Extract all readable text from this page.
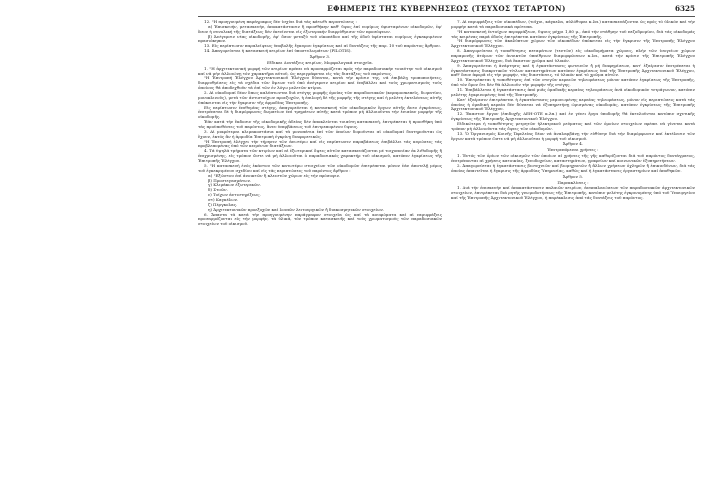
ΕΦΗΜΕΡΙΣ ΤΗΣ ΚΥΒΕΡΝΗΣΕΩΣ (ΤΕΥΧΟΣ ΤΕΤΑΡΤΟΝ)	6325

12. "Η προηγουμένη παράγραφος δέν ἰσχύει διά τάς κάτωθι περιπτώσεις :

α) Ἐπισκευήν, μετασκευήν, ἀποκατάστασιν ἤ προσθήκην καθ' ὕψος ἐπί νομίμως ὑφισταμένων οἰκοδομῶν, ἐφ' ὅσον ἡ συνολική τῆς διατάξεως δέν ἐκτείνεται εἰς ἐξωτερικήν διαρρύθμισιν τῶν προσόψεων.

β) Ἀνέγερσιν νέας οἰκοδομῆς, ἐφ' ὅσον μεταξύ τοῦ οἰκοπέδου καί τῆς ὁδοῦ ὑφίσταται νομίμως ἐγκεκριμένον πρασιόκηπον.

13. Εἰς περίπτωσιν παραλείψεως ὑποβολῆς ἔγκυρου ἐγκρίσεως καί αἱ διατάξεις τῆς παρ. 10 τοῦ παρόντος ἄρθρου.

14. Ἀπαγορεύεται ἡ κατασκευή κτιρίων ἐπί ὑποστυλωμάτων (PILOTIS).

Ἄρθρον 3.

Εἴδικαι Διατάξεις κτιρίων, Μορφολογικά στοιχεῖα.

1. "Η ἀρχιτεκτονική μορφή τῶν κτιρίων πρέπει νά προσαρμόζεται πρός τήν παραδοσιακήν τοιαύτην τοῦ οἰκισμοῦ καί νά μήν ἀλλοιώνῃ τόν χαρακτῆρα αὐτοῦ, ὡς περιγράφεται εἰς τάς διατάξεις τοῦ παρόντος.

"Η Ἐπιτροπή Ἐλέγχου Ἀρχιτεκτονικοῦ Ἐλέγχου δύναται, κατά τήν κρίσιν της, νά ἐπιβάλῃ τροποποιήσεις, διαρρυθμίσεις εἰς τά σχέδια τῶν ὄψεων τοῦ ὑπό ἀνέγερσιν κτιρίου καί ἐπιβάλλει καί τούς χρωματισμούς τούς ὁποίους θά ἀποδεχθοῦν τά ἐπί τῶν ἐν λόγω μελετῶν κτίρια.

2. Αἱ οἰκοδομαί δέον ὅπως καλύπτωνται διά στέγης μορφῆς ὁμοίας τῶν παραδοσιακῶν (κεραμοσκεπεῖς, δωματίου, μονοκλινοῦς), μετά τῶν ἀντιστοίχων προεξοχῶν, ἡ ἐπιλογή δέ τῆς μορφῆς τῆς στέγης καί ἡ μελέτη ἐκτελέσεως αὐτῆς ὑπόκεινται εἰς τήν ἔγκρισιν τῆς ἁρμοδίας Ἐπιτροπῆς.

Εἰς περίπτωσιν ἐπιθυμίας στέγης, ἀπαγορεύεται ἡ κατασκευή τῶν οἰκοδομικῶν ἔργων αὐτῆς ἄνευ ἐγκρίσεως, ἐπιτρέπεται δέ ἡ διαμόρφωσις δωματίων ἐπί τμημάτων αὐτῆς κατά τρόπον μή ἀλλοιοῦντα τήν ἑνιαίαν μορφήν τῆς οἰκοδομῆς.

Ἐάν κατά τήν ἔκδοσιν τῆς οἰκοδομικῆς ἀδείας δέν ἀποκλείεται τοιαύτη κατασκευή, ἐπιτρέπεται ἡ προσθήκη ὑπό τάς προϋποθέσεις τοῦ παρόντος, ἄνευ ὑπερβάσεως τοῦ ἐπιτρεπομένου ὕψους.

3. Αἱ μικρότεραι κλιμακοστάσια καί τά μονοπάτια ἐπί τῶν ὁποίων δομοῦνται αἱ οἰκοδομαί διατηροῦνται ὡς ἔχουν, ἐκτός ἄν ἡ ἁρμοδία Ἐπιτροπή ἐγκρίνῃ διαφορετικῶς.

"Η Ἐπιτροπή ἐλέγχει τήν τήρησιν τῶν ἀνωτέρω καί εἰς περίπτωσιν παραβάσεως ἐπιβάλλει τάς κυρώσεις τάς προβλεπομένας ὑπό τῶν κειμένων διατάξεων.

4. Τά ὑψηλά τμήματα τῶν κτιρίων καί αἱ ἐξωτερικαί ὄψεις αὐτῶν κατασκευάζονται μέ τοιχοποιίαν ἐκ λιθοδομῆς ἤ ἐπιχρισμένης, εἰς τρόπον ὥστε νά μή ἀλλοιοῦται ὁ παραδοσιακός χαρακτήρ τοῦ οἰκισμοῦ, κατόπιν ἐγκρίσεως τῆς Ἐπιτροπῆς Ἐλέγχου.

5. "Η κατασκευή ἐνός ἑκάστου τῶν κατωτέρω στοιχείων τῶν οἰκοδομῶν ἐπιτρέπεται μόνον ἐάν ἀποτελῇ μέρος τοῦ ἐγκεκριμένου σχεδίου καί εἰς τάς περιπτώσεις τοῦ παρόντος ἄρθρου :

α) "Εξώστου ἐπί ἀνοικτῶν ἤ κλειστῶν χώρων εἰς τήν πρόσοψιν.

β) Προστεγασμάτων.

γ) Κλιμάκων ἐξωτερικῶν.

δ) Στοῶν.

ε) Τοίχων ἀντιστηρίξεως.

στ) Καγκέλων.

ζ) Πέργκολας.

η) Ἀρχιτεκτονικῶν προεξοχῶν καί λοιπῶν λειτουργικῶν ἤ διακοσμητικῶν στοιχείων.

6. Ἅπαντα τά κατά τήν προηγουμένην παράγραφον στοιχεῖα ὡς καί τά κουφώματα καί αἱ περιφράξεις προσαρμόζονται εἰς τήν μορφήν, τά ὑλικά, τόν τρόπον κατασκευῆς καί τούς χρωματισμούς τῶν παραδοσιακῶν στοιχείων τοῦ οἰκισμοῦ.

7. Αἱ περιφράξεις τῶν οἰκοπέδων, (τοῖχοι, κάγκελα, αὐλόθυραι κ.λπ.) κατασκευάζονται ὡς πρός τό ὑλικόν καί τήν μορφήν κατά τά παραδοσιακά πρότυπα.

"Η κατασκευή ἐντοίχων περιφράξεων, ὕψους μέχρι 1,80 μ., ἀπό τήν στάθμην τοῦ πεζοδρομίου, διά τάς οἰκοδομάς τάς κειμένας παρά ὁδούς ἐπιτρέπεται κατόπιν ἐγκρίσεως τῆς Ἐπιτροπῆς.

"Η διαμόρφωσις τῶν ἀκαλύπτων χώρων τῶν οἰκοπέδων ὑπόκειται εἰς τήν ἔγκρισιν τῆς Ἐπιτροπῆς Ἐλέγχου Ἀρχιτεκτονικοῦ Ἐλέγχου.

8. Ἀπαγορεύεται ἡ τοποθέτησις πεταμάτων (τεντῶν) εἰς οἰκοδομήματα χώρους, πλήν τῶν ἰσογείων χώρων παραμονῆς ἀτόμων τῶν ἀνοικτῶν ὑπαίθριων διαμορφώσεων κ.λπ., κατά τήν κρίσιν τῆς Ἐπιτροπῆς Ἐλέγχου Ἀρχιτεκτονικοῦ Ἐλέγχου, διά ἕκαστον χρῶμα καί ὑλικόν.

9. Ἀπαγορεύεται ἡ ἀνάρτησις καί ἡ ἐγκατάστασις φωτεινῶν ἤ μή διαφημίσεων, κατ' ἐξαίρεσιν ἐπιτρέπεται ἡ ἐγκατάστασις διακριτικῶν τίτλων καταστημάτων κατόπιν ἐγκρίσεως ὑπό τῆς Ἐπιτροπῆς Ἀρχιτεκτονικοῦ Ἐλέγχου, καθ' ὅσον ἀφορᾶ εἰς τήν μορφήν, τάς διαστάσεις, τό ὑλικόν καί τό χρῶμα αὐτῶν.

10. Ἐπιτρέπεται ἡ τοποθέτησις ἐπί τῶν στεγῶν κεραιῶν τηλεοράσεως μόνον κατόπιν ἐγκρίσεως τῆς Ἐπιτροπῆς, ὑπό τόν ὅρον ὅτι δέν θά ἀλλοιοῦν τήν μορφήν τῆς στέγης.

11. Ἐπιβάλλεται ἡ ἐγκατάστασις ἀπό μιᾶς ὁμαδικῆς κεραίας τηλεοράσεως ἀνά οἰκοδομικόν τετράγωνον, κατόπιν μελέτης ἐγκρινομένης ὑπό τῆς Ἐπιτροπῆς.

Κατ' ἐξαίρεσιν ἐπιτρέπεται ἡ ἐγκατάστασις μεμονωμένης κεραίας τηλεοράσεως, μόνον εἰς περιπτώσεις κατά τάς ὁποίας ἡ ὁμαδική κεραία δέν δύναται νά ἐξυπηρετήσῃ ὡρισμένας οἰκοδομάς, κατόπιν ἐγκρίσεως τῆς Ἐπιτροπῆς Ἀρχιτεκτονικοῦ Ἐλέγχου.

12. Ἐκαστον ἔργον (ἐπιδοχῆς ΔΕΗ-ΟΤΕ κ.λπ.) καί ἐν γένει ἔργα ὑποδομῆς θά ἐκτελοῦνται κατόπιν σχετικῆς ἐγκρίσεως τῆς Ἐπιτροπῆς Ἀρχιτεκτονικοῦ Ἐλέγχου.

Εἰδικώτερα ἡ τοποθέτησις μετρητῶν ἠλεκτρικοῦ ρεύματος καί τῶν ὁμοίων στοιχείων πρέπει νά γίνεται κατά τρόπον μή ἀλλοιοῦντα τάς ὄψεις τῶν οἰκοδομῶν.

13. Ὁ Ὀργανισμός Κοινῆς Ὠφελείας δέον νά ἀναλαμβάνῃ τήν εὐθύνην διά τήν διαμόρφωσιν καί ἐκτέλεσιν τῶν ἔργων κατά τρόπον ὥστε νά μή ἀλλοιοῦται ἡ μορφή τοῦ οἰκισμοῦ.

Ἄρθρον 4.

Ἐπιτρεπόμεναι χρήσεις :

1. Ἐντός τῶν ὁρίων τῶν οἰκισμῶν τῶν ὁποίων αἱ χρήσεις τῆς γῆς καθορίζονται διά τοῦ παρόντος διατάγματος, ἐπιτρέπονται αἱ χρήσεις κατοικίας, ξενοδοχείων, καταστημάτων, γραφείων καί κοινωνικῶν ἐξυπηρετήσεων.

2. Ἀπαγορεύεται ἡ ἐγκατάστασις βιοτεχνιῶν καί βιομηχανιῶν ἤ ἄλλων χρήσεων ὀχληρῶν ἤ ἐπικινδύνων, διά τάς ὁποίας ἀπαιτεῖται ἡ ἔγκρισις τῆς ἁρμοδίας Ὑπηρεσίας, καθώς καί ἡ ἐγκατάστασις ἐργαστηρίων καί ἀποθηκῶν.

Ἄρθρον 5.

Παρεκκλίσεις :

1. Διά τήν ἐπισκευήν καί ἀποκατάστασιν παλαιῶν κτιρίων, ἀναπαλαιώσεων τῶν παραδοσιακῶν ἀρχιτεκτονικῶν στοιχείων, ἐπιτρέπεται διά ρητῆς γνωμοδοτήσεως τῆς Ἐπιτροπῆς, κατόπιν μελέτης ἐγκρινομένης ὑπό τοῦ Ὑπουργείου καί τῆς Ἐπιτροπῆς Ἀρχιτεκτονικοῦ Ἐλέγχου, ἡ παρέκκλισις ἀπό τάς διατάξεις τοῦ παρόντος.
